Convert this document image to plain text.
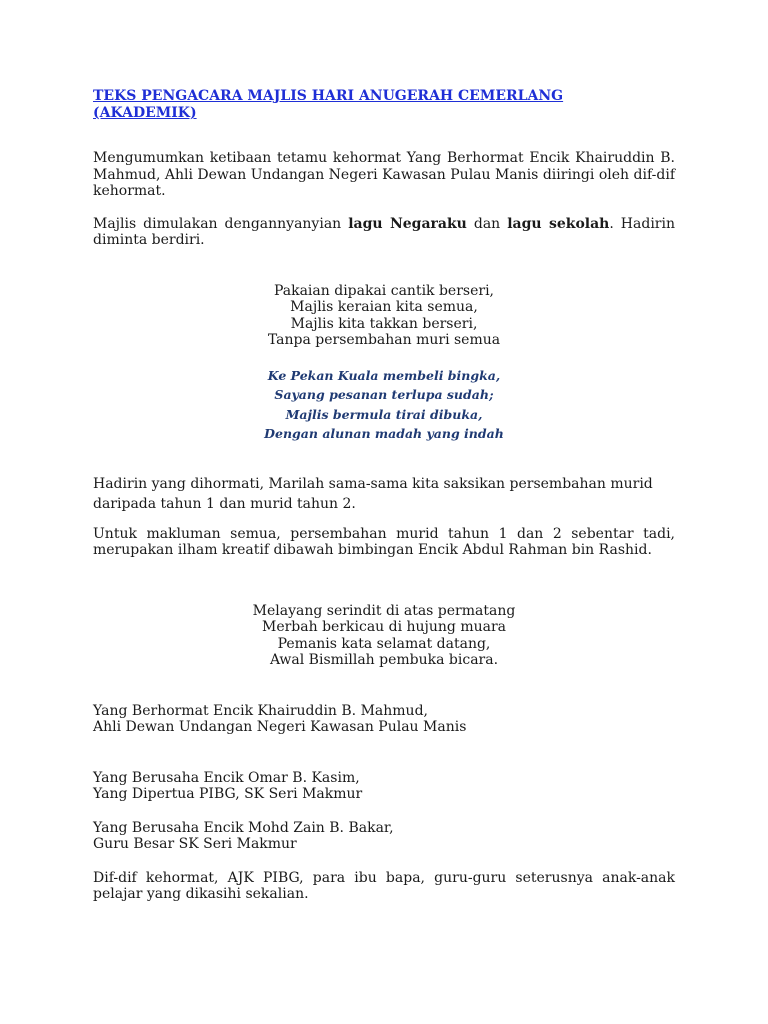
TEKS PENGACARA MAJLIS HARI ANUGERAH CEMERLANG
(AKADEMIK)

Mengumumkan ketibaan tetamu kehormat Yang Berhormat Encik Khairuddin B. Mahmud, Ahli Dewan Undangan Negeri Kawasan Pulau Manis diiringi oleh dif-dif kehormat.

Majlis dimulakan dengannyanyian lagu Negaraku dan lagu sekolah. Hadirin diminta berdiri.

Pakaian dipakai cantik berseri,
Majlis keraian kita semua,
Majlis kita takkan berseri,
Tanpa persembahan muri semua
Ke Pekan Kuala membeli bingka,
Sayang pesanan terlupa sudah;
Majlis bermula tirai dibuka,
Dengan alunan madah yang indah
Hadirin yang dihormati, Marilah sama-sama kita saksikan persembahan murid
daripada tahun 1 dan murid tahun 2.

Untuk makluman semua, persembahan murid tahun 1 dan 2 sebentar tadi, merupakan ilham kreatif dibawah bimbingan Encik Abdul Rahman bin Rashid.

Melayang serindit di atas permatang
Merbah berkicau di hujung muara
Pemanis kata selamat datang,
Awal Bismillah pembuka bicara.
Yang Berhormat Encik Khairuddin B. Mahmud,
Ahli Dewan Undangan Negeri Kawasan Pulau Manis
Yang Berusaha Encik Omar B. Kasim,
Yang Dipertua PIBG, SK Seri Makmur
Yang Berusaha Encik Mohd Zain B. Bakar,
Guru Besar SK Seri Makmur

Dif-dif kehormat, AJK PIBG, para ibu bapa, guru-guru seterusnya anak-anak pelajar yang dikasihi sekalian.
